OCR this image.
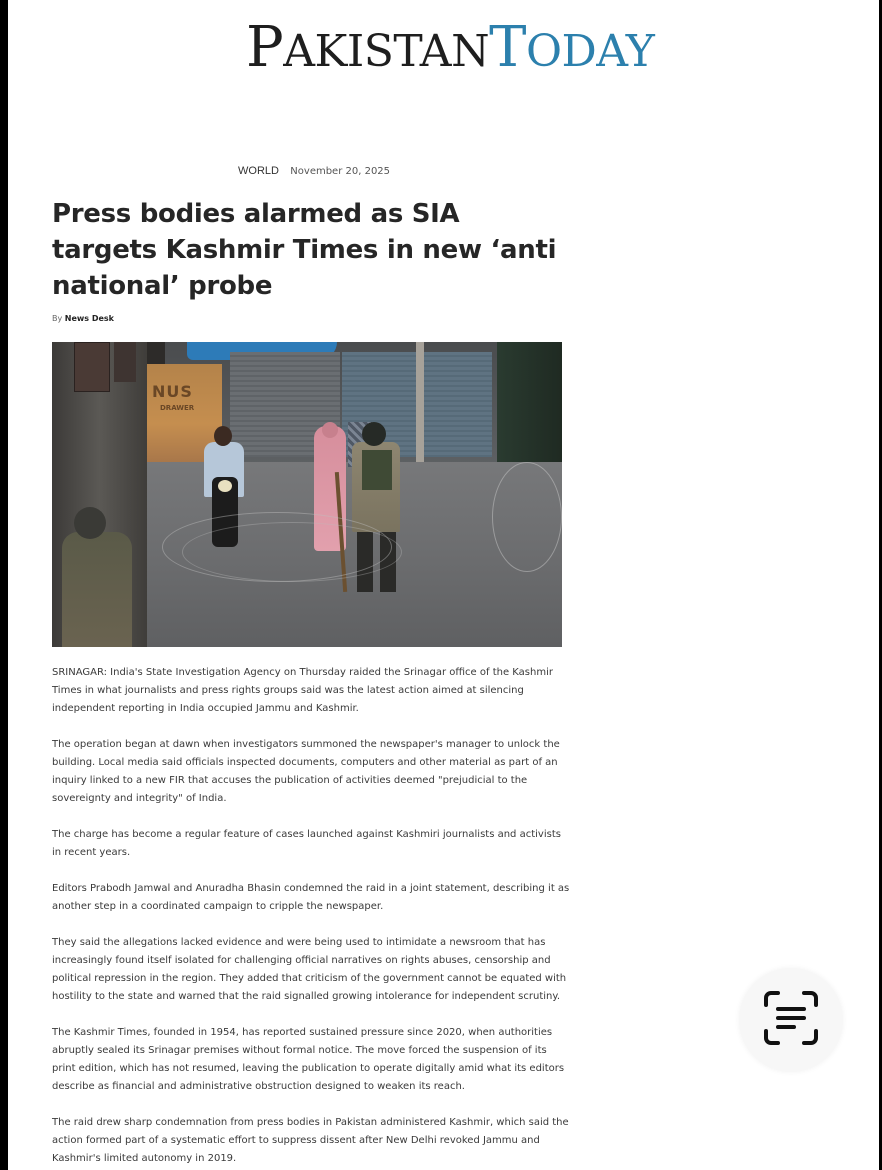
PAKISTANTODAY
WORLD November 20, 2025
Press bodies alarmed as SIA targets Kashmir Times in new ‘anti national’ probe
By News Desk
NUS
DRAWER

SRINAGAR: India's State Investigation Agency on Thursday raided the Srinagar office of the Kashmir Times in what journalists and press rights groups said was the latest action aimed at silencing independent reporting in India occupied Jammu and Kashmir.

The operation began at dawn when investigators summoned the newspaper's manager to unlock the building. Local media said officials inspected documents, computers and other material as part of an inquiry linked to a new FIR that accuses the publication of activities deemed "prejudicial to the sovereignty and integrity" of India.

The charge has become a regular feature of cases launched against Kashmiri journalists and activists in recent years.

Editors Prabodh Jamwal and Anuradha Bhasin condemned the raid in a joint statement, describing it as another step in a coordinated campaign to cripple the newspaper.

They said the allegations lacked evidence and were being used to intimidate a newsroom that has increasingly found itself isolated for challenging official narratives on rights abuses, censorship and political repression in the region. They added that criticism of the government cannot be equated with hostility to the state and warned that the raid signalled growing intolerance for independent scrutiny.

The Kashmir Times, founded in 1954, has reported sustained pressure since 2020, when authorities abruptly sealed its Srinagar premises without formal notice. The move forced the suspension of its print edition, which has not resumed, leaving the publication to operate digitally amid what its editors describe as financial and administrative obstruction designed to weaken its reach.

The raid drew sharp condemnation from press bodies in Pakistan administered Kashmir, which said the action formed part of a systematic effort to suppress dissent after New Delhi revoked Jammu and Kashmir's limited autonomy in 2019.
